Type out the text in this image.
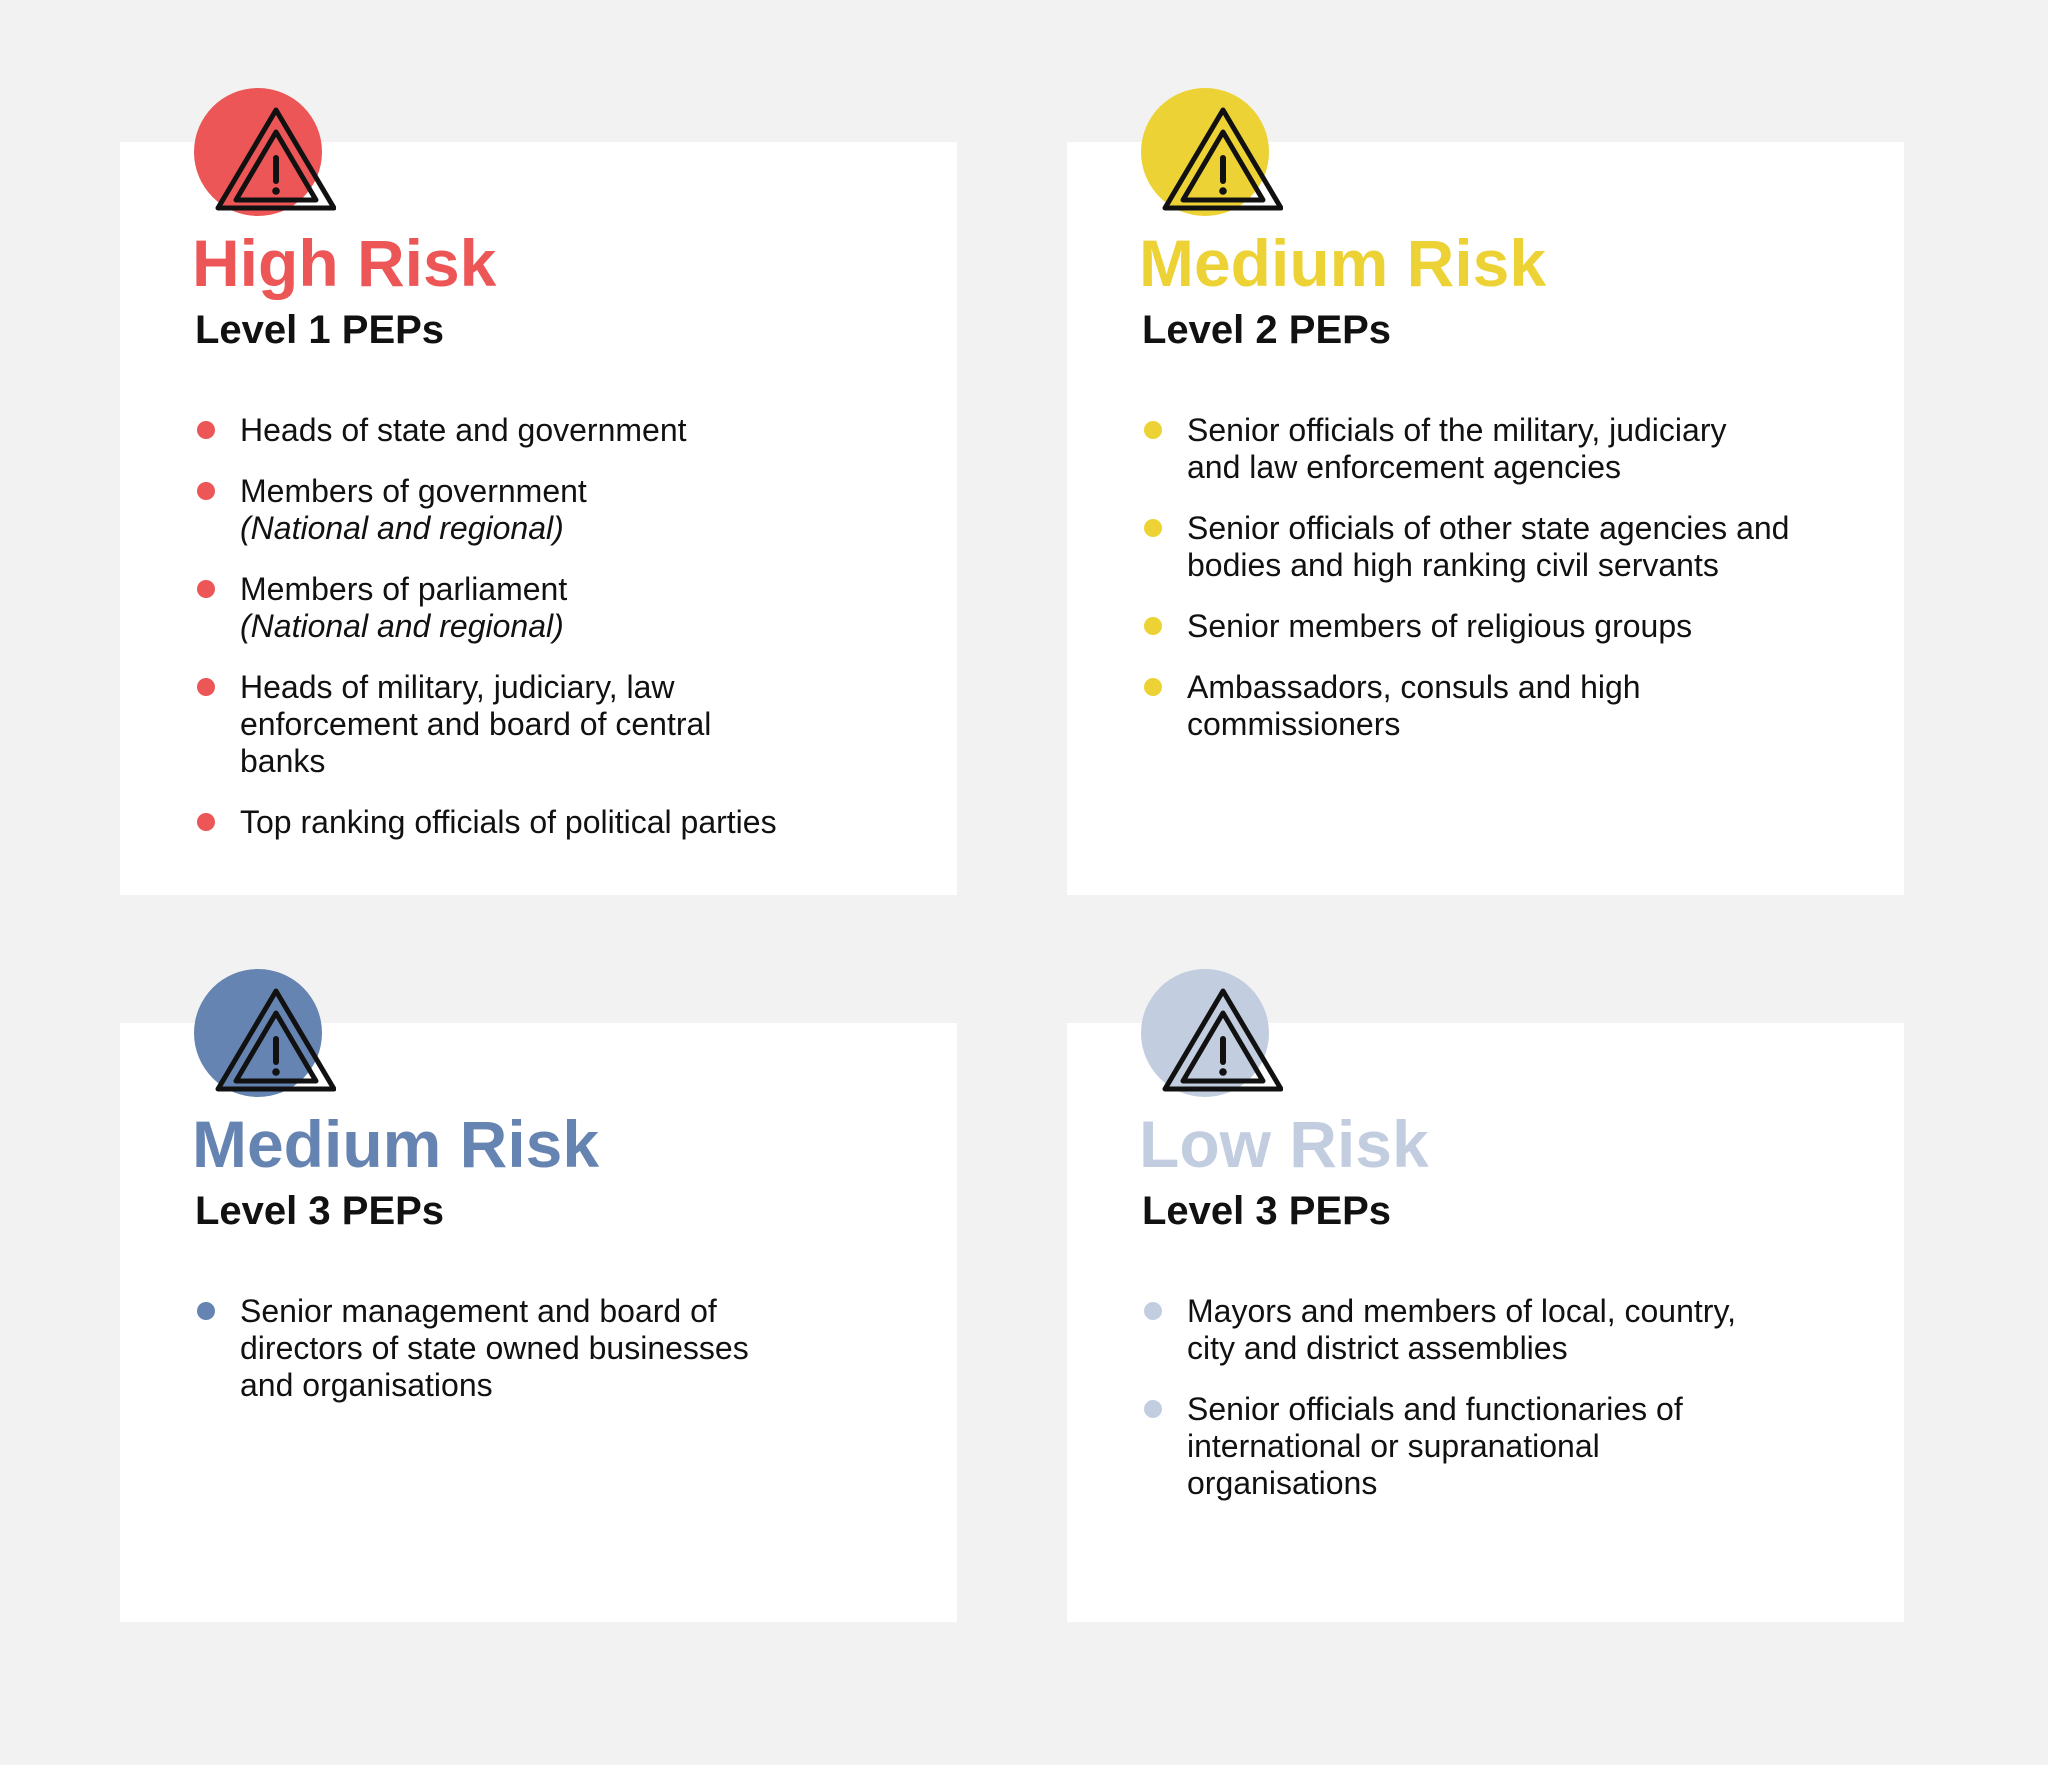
High Risk
Level 1 PEPs
Heads of state and government
Members of government
(National and regional)
Members of parliament
(National and regional)
Heads of military, judiciary, law enforcement and board of central banks
Top ranking officials of political parties
Medium Risk
Level 2 PEPs
Senior officials of the military, judiciary and law enforcement agencies
Senior officials of other state agencies and bodies and high ranking civil servants
Senior members of religious groups
Ambassadors, consuls and high commissioners
Medium Risk
Level 3 PEPs
Senior management and board of directors of state owned businesses and organisations
Low Risk
Level 3 PEPs
Mayors and members of local, country, city and district assemblies
Senior officials and functionaries of international or supranational organisations
